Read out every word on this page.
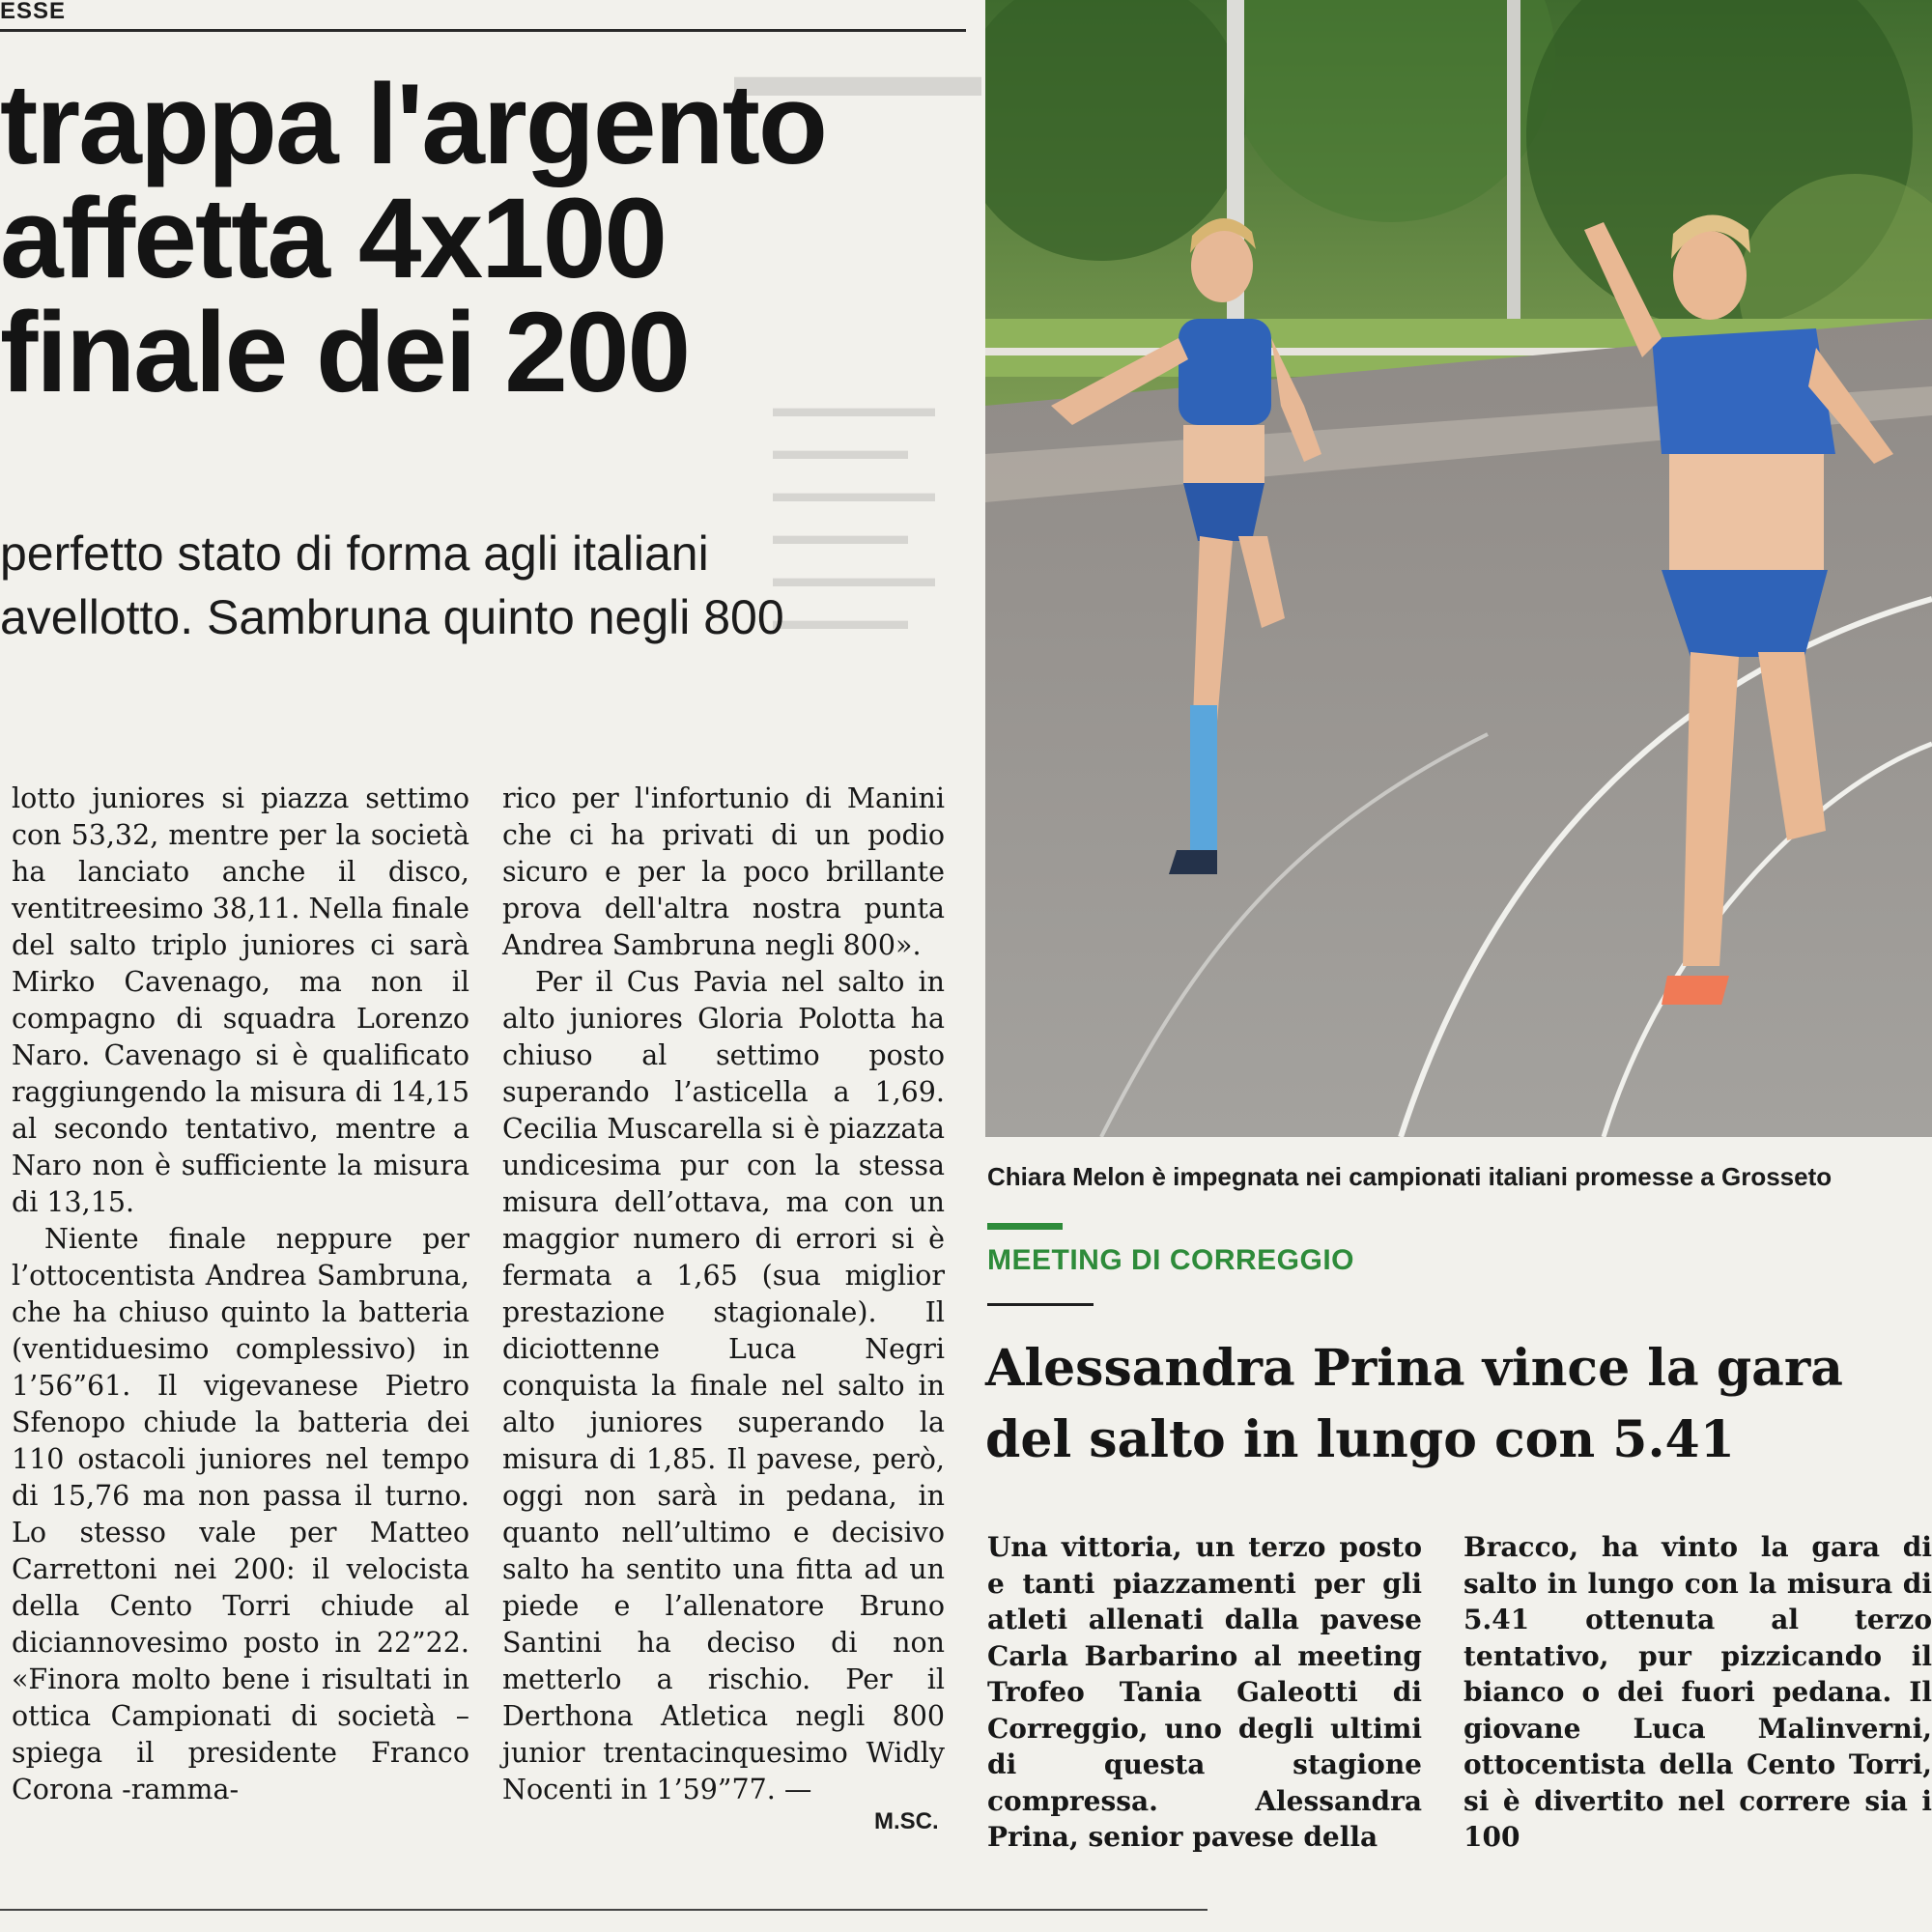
ESSE
▬▬▬▬
▬▬▬▬▬▬
▬▬▬▬▬
▬▬▬▬▬▬
▬▬▬▬▬
▬▬▬▬▬▬
▬▬▬▬▬
trappa l'argento
affetta 4x100
finale dei 200
perfetto stato di forma agli italiani
avellotto. Sambruna quinto negli 800

lotto juniores si piazza settimo con 53,32, mentre per la società ha lanciato anche il disco, ventitreesimo 38,11. Nella finale del salto triplo juniores ci sarà Mirko Cavenago, ma non il compagno di squadra Lorenzo Naro. Cavenago si è qualificato raggiungendo la misura di 14,15 al secondo tentativo, mentre a Naro non è sufficiente la misura di 13,15.

Niente finale neppure per l’ottocentista Andrea Sambruna, che ha chiuso quinto la batteria (ventiduesimo complessivo) in 1’56”61. Il vigevanese Pietro Sfenopo chiude la batteria dei 110 ostacoli juniores nel tempo di 15,76 ma non passa il turno. Lo stesso vale per Matteo Carrettoni nei 200: il velocista della Cento Torri chiude al diciannovesimo posto in 22”22. «Finora molto bene i risultati in ottica Campionati di società – spiega il presidente Franco Corona -ramma-

rico per l'infortunio di Manini che ci ha privati di un podio sicuro e per la poco brillante prova dell'altra nostra punta Andrea Sambruna negli 800».

Per il Cus Pavia nel salto in alto juniores Gloria Polotta ha chiuso al settimo posto superando l’asticella a 1,69. Cecilia Muscarella si è piazzata undicesima pur con la stessa misura dell’ottava, ma con un maggior numero di errori si è fermata a 1,65 (sua miglior prestazione stagionale). Il diciottenne Luca Negri conquista la finale nel salto in alto juniores superando la misura di 1,85. Il pavese, però, oggi non sarà in pedana, in quanto nell’ultimo e decisivo salto ha sentito una fitta ad un piede e l’allenatore Bruno Santini ha deciso di non metterlo a rischio. Per il Derthona Atletica negli 800 junior trentacinquesimo Widly Nocenti in 1’59”77. —

M.SC.
Chiara Melon è impegnata nei campionati italiani promesse a Grosseto
MEETING DI CORREGGIO
Alessandra Prina vince la gara del salto in lungo con 5.41

Una vittoria, un terzo posto e tanti piazzamenti per gli atleti allenati dalla pavese Carla Barbarino al meeting Trofeo Tania Galeotti di Correggio, uno degli ultimi di questa stagione compressa. Alessandra Prina, senior pavese della

Bracco, ha vinto la gara di salto in lungo con la misura di 5.41 ottenuta al terzo tentativo, pur pizzicando il bianco o dei fuori pedana. Il giovane Luca Malinverni, ottocentista della Cento Torri, si è divertito nel correre sia i 100
